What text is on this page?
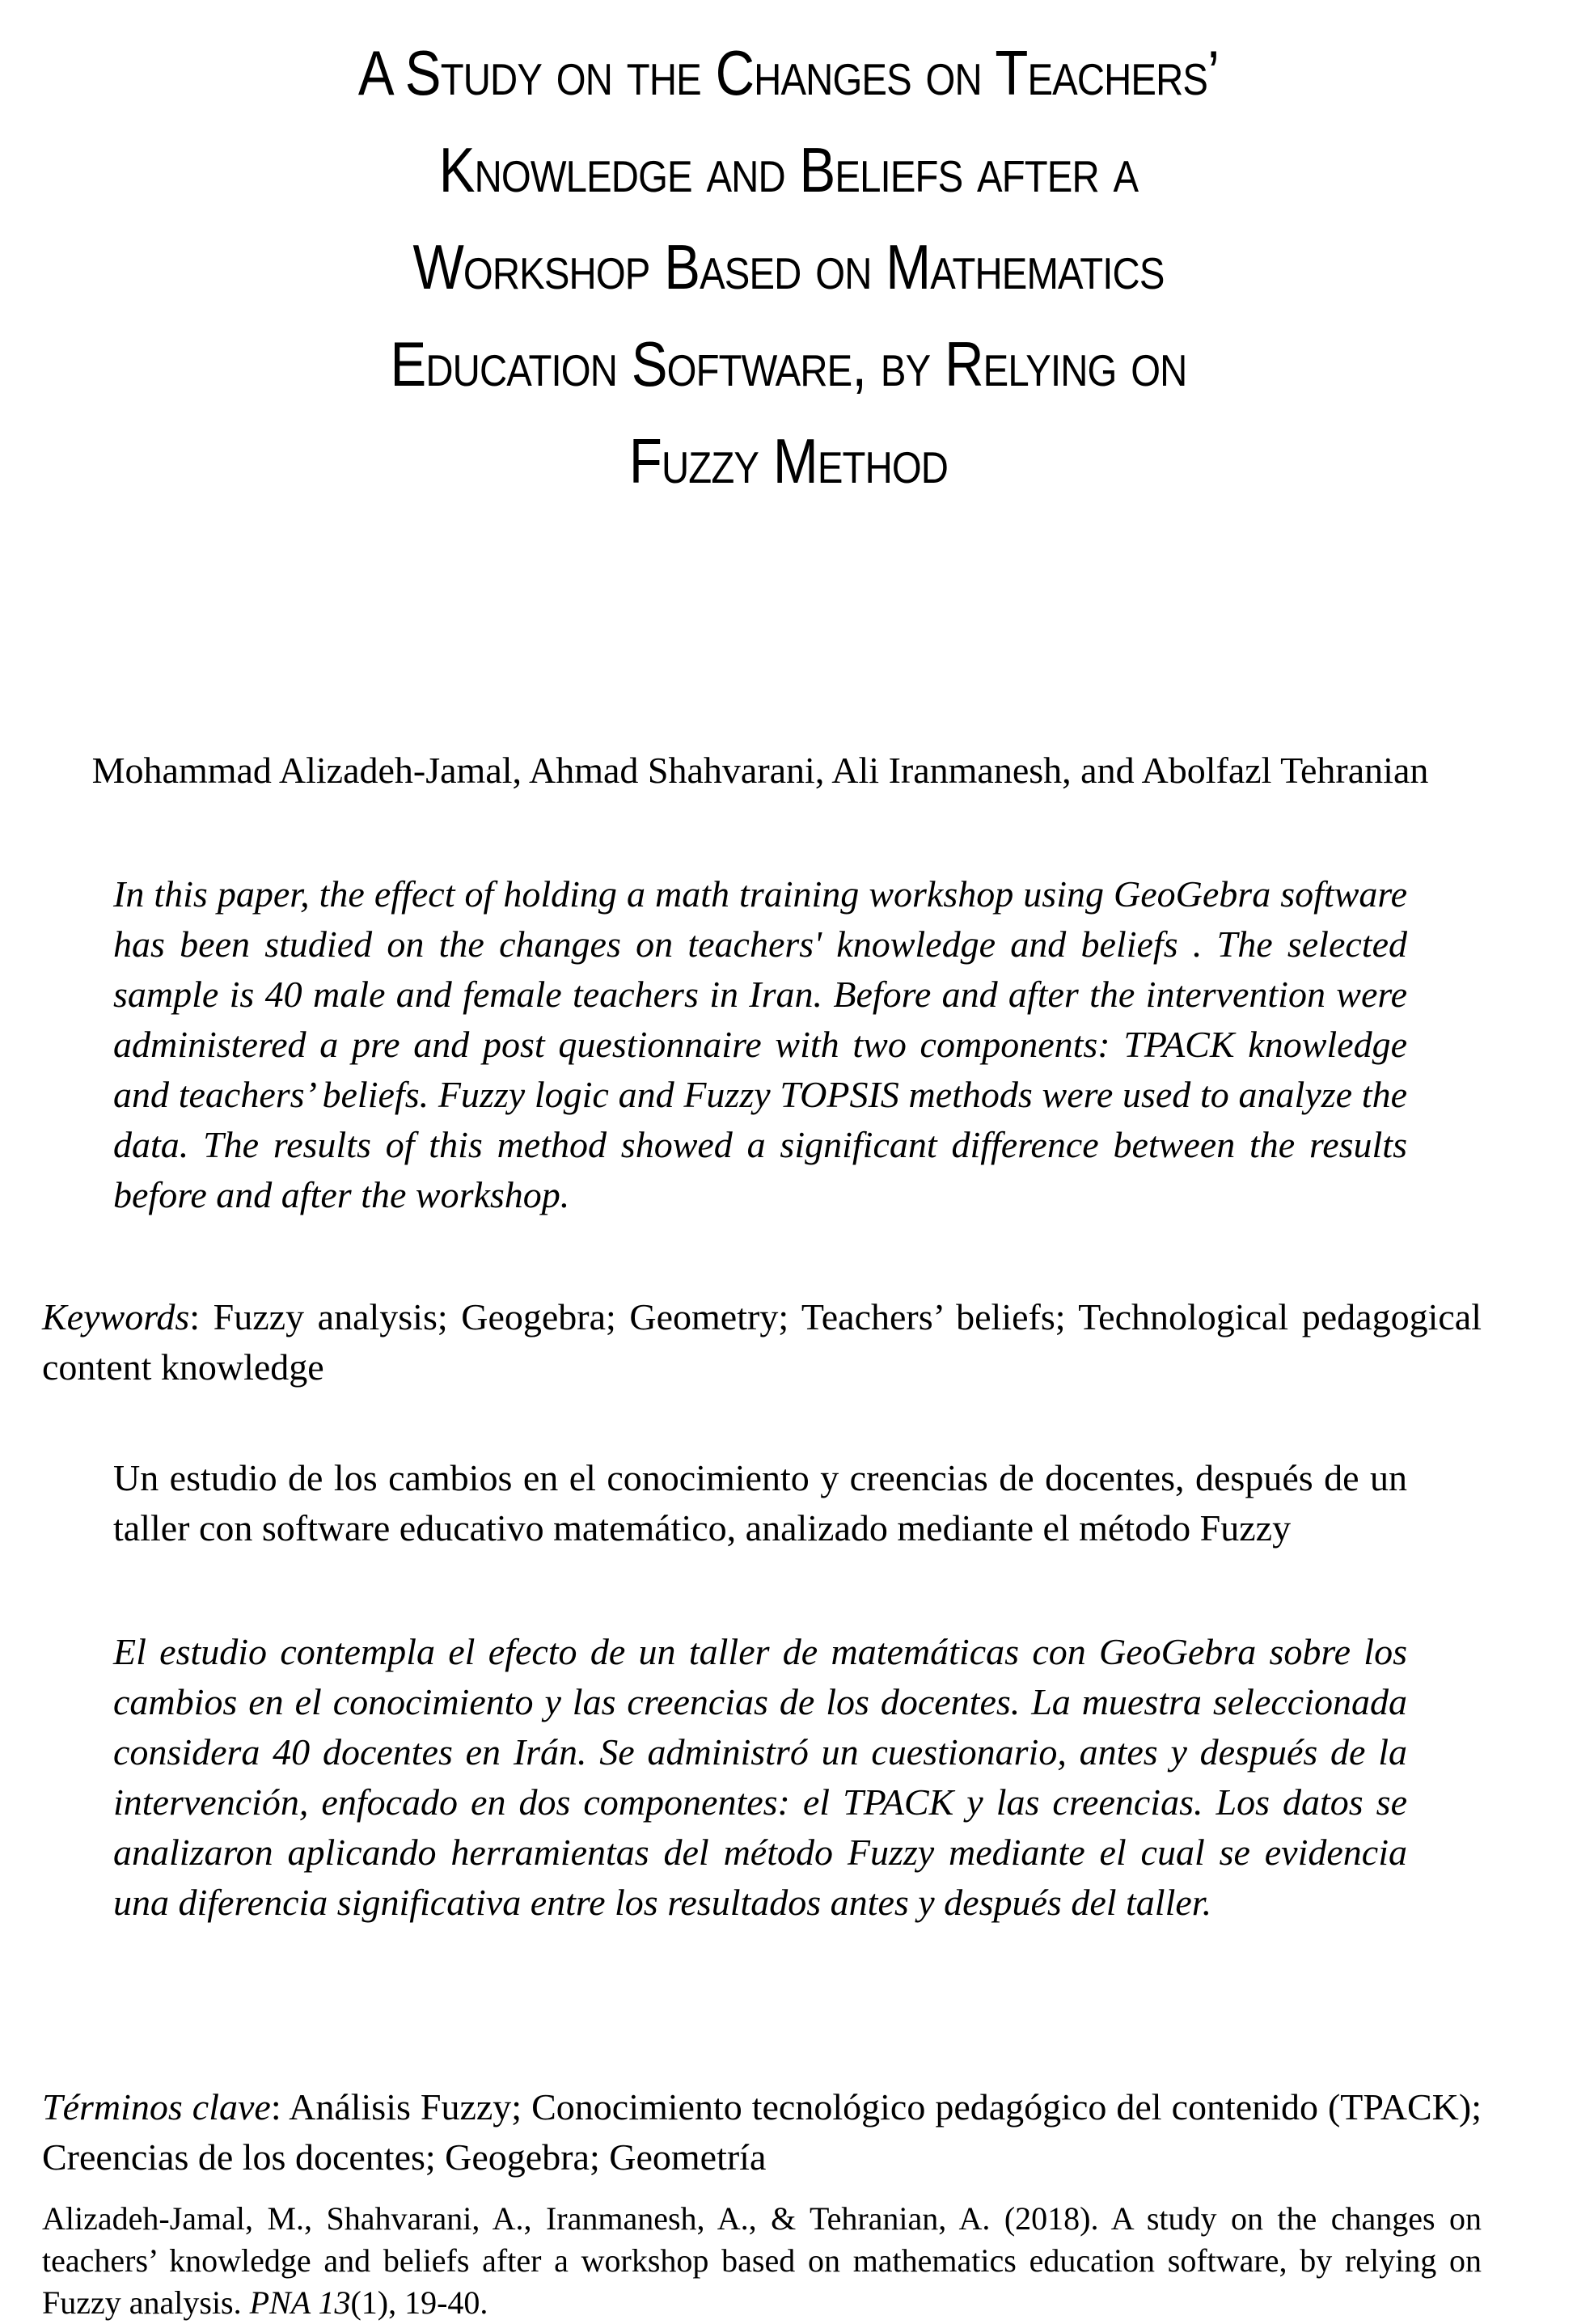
A Study on the Changes on Teachers’
Knowledge and Beliefs after a
Workshop Based on Mathematics
Education Software, by Relying on
Fuzzy Method
Mohammad Alizadeh-Jamal, Ahmad Shahvarani, Ali Iranmanesh, and Abolfazl Tehranian

In this paper, the effect of holding a math training workshop using GeoGebra software has been studied on the changes on teachers' knowledge and beliefs . The selected sample is 40 male and female teachers in Iran. Before and after the intervention were administered a pre and post questionnaire with two components: TPACK knowledge and teachers’ beliefs. Fuzzy logic and Fuzzy TOPSIS methods were used to analyze the data. The results of this method showed a significant difference between the results before and after the workshop.

Keywords: Fuzzy analysis; Geogebra; Geometry; Teachers’ beliefs; Technological pedagogical content knowledge

Un estudio de los cambios en el conocimiento y creencias de docentes, después de un taller con software educativo matemático, analizado mediante el método Fuzzy

El estudio contempla el efecto de un taller de matemáticas con GeoGebra sobre los cambios en el conocimiento y las creencias de los docentes. La muestra seleccionada considera 40 docentes en Irán. Se administró un cuestionario, antes y después de la intervención, enfocado en dos componentes: el TPACK y las creencias. Los datos se analizaron aplicando herramientas del método Fuzzy mediante el cual se evidencia una diferencia significativa entre los resultados antes y después del taller.

Términos clave: Análisis Fuzzy; Conocimiento tecnológico pedagógico del contenido (TPACK); Creencias de los docentes; Geogebra; Geometría

Alizadeh-Jamal, M., Shahvarani, A., Iranmanesh, A., & Tehranian, A. (2018). A study on the changes on teachers’ knowledge and beliefs after a workshop based on mathematics education software, by relying on Fuzzy analysis. PNA 13(1), 19-40.
